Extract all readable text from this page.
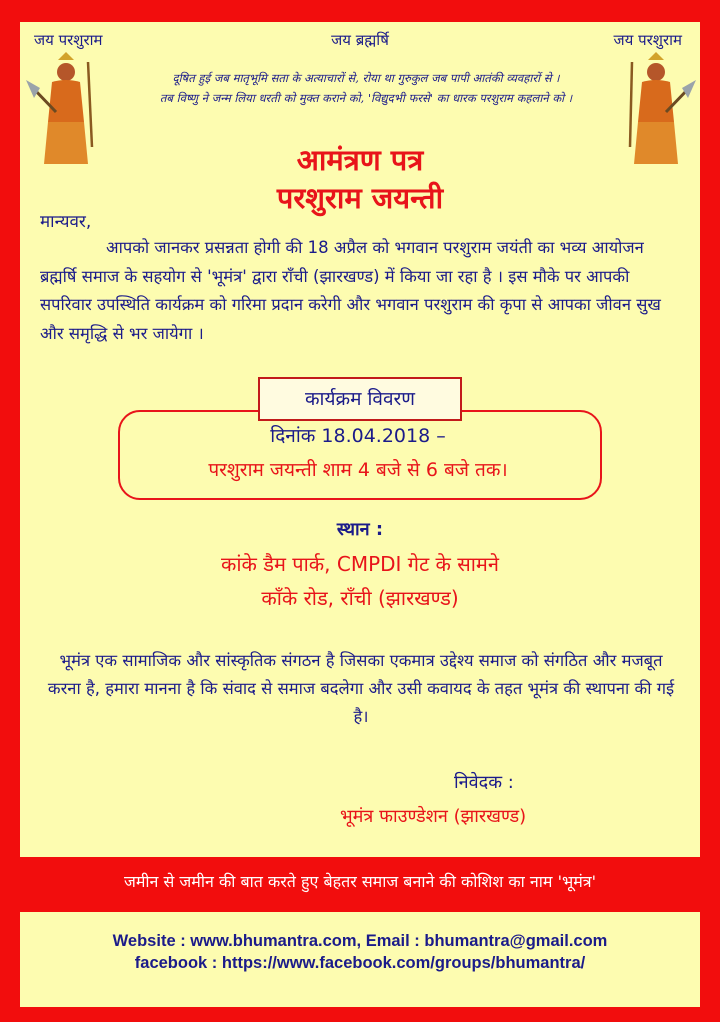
जय परशुराम	जय ब्रह्मर्षि	जय परशुराम
दूषित हुई जब मातृभूमि सता के अत्याचारों से, रोया था गुरुकुल जब पापी आतंकी व्यवहारों से ।
तब विष्णु ने जन्म लिया धरती को मुक्त कराने को, 'विद्युदभी फरसे' का धारक परशुराम कहलाने को ।
आमंत्रण पत्र
परशुराम जयन्ती
मान्यवर,

आपको जानकर प्रसन्नता होगी की 18 अप्रैल को भगवान परशुराम जयंती का भव्य आयोजन ब्रह्मर्षि समाज के सहयोग से 'भूमंत्र' द्वारा राँची (झारखण्ड) में किया जा रहा है । इस मौके पर आपकी सपरिवार उपस्थिति कार्यक्रम को गरिमा प्रदान करेगी और भगवान परशुराम की कृपा से आपका जीवन सुख और समृद्धि से भर जायेगा ।

कार्यक्रम विवरण
दिनांक 18.04.2018 –
परशुराम जयन्ती शाम 4 बजे से 6 बजे तक।
स्थान :
कांके डैम पार्क, CMPDI गेट के सामने
काँके रोड, राँची (झारखण्ड)
भूमंत्र एक सामाजिक और सांस्कृतिक संगठन है जिसका एकमात्र उद्देश्य समाज को संगठित और मजबूत करना है, हमारा मानना है कि संवाद से समाज बदलेगा और उसी कवायद के तहत भूमंत्र की स्थापना की गई है।
निवेदक :
भूमंत्र फाउण्डेशन (झारखण्ड)
जमीन से जमीन की बात करते हुए बेहतर समाज बनाने की कोशिश का नाम 'भूमंत्र'
Website : www.bhumantra.com, Email : bhumantra@gmail.com
facebook : https://www.facebook.com/groups/bhumantra/
